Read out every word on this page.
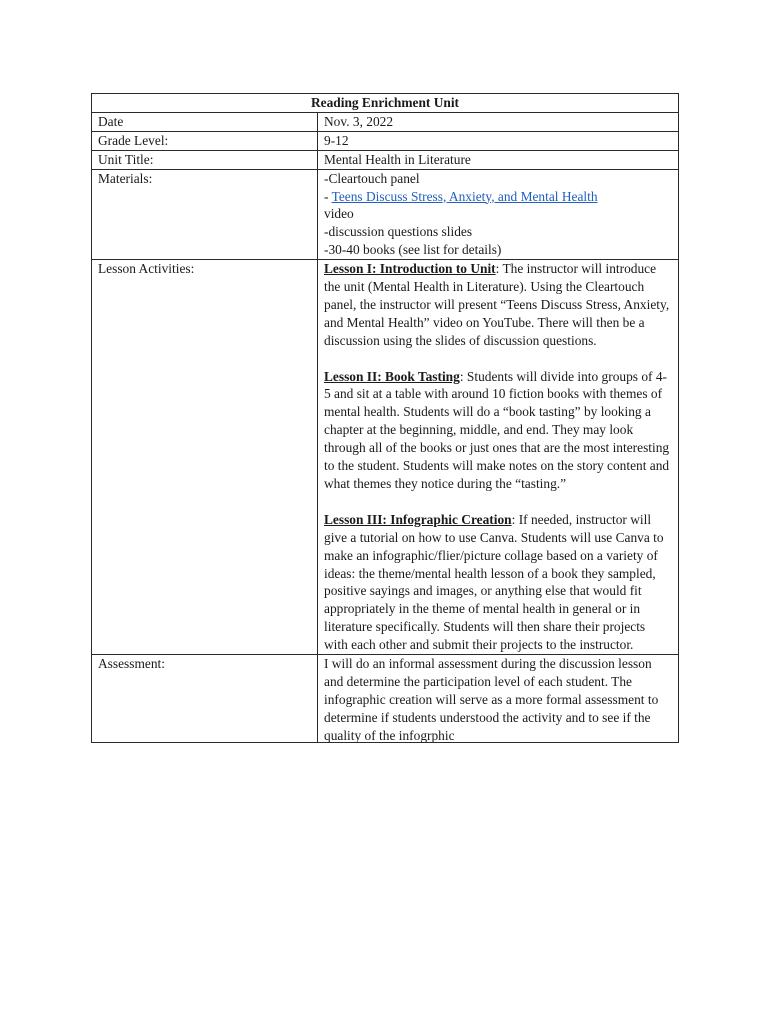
Reading Enrichment Unit	
Date	Nov. 3, 2022
Grade Level:	9-12
Unit Title:	Mental Health in Literature
Materials:	-Cleartouch panel
- Teens Discuss Stress, Anxiety, and Mental Health
video
-discussion questions slides
-30-40 books (see list for details)

Lesson Activities:	Lesson I: Introduction to Unit: The instructor will introduce the unit (Mental Health in Literature). Using the Cleartouch panel, the instructor will present “Teens Discuss Stress, Anxiety, and Mental Health” video on YouTube. There will then be a discussion using the slides of discussion questions.
Lesson II: Book Tasting: Students will divide into groups of 4-5 and sit at a table with around 10 fiction books with themes of mental health. Students will do a “book tasting” by looking a chapter at the beginning, middle, and end. They may look through all of the books or just ones that are the most interesting to the student. Students will make notes on the story content and what themes they notice during the “tasting.”
Lesson III: Infographic Creation: If needed, instructor will give a tutorial on how to use Canva. Students will use Canva to make an infographic/flier/picture collage based on a variety of ideas: the theme/mental health lesson of a book they sampled, positive sayings and images, or anything else that would fit appropriately in the theme of mental health in general or in literature specifically. Students will then share their projects with each other and submit their projects to the instructor.

Assessment:	I will do an informal assessment during the discussion lesson and determine the participation level of each student. The infographic creation will serve as a more formal assessment to determine if students understood the activity and to see if the quality of the infogrphic
